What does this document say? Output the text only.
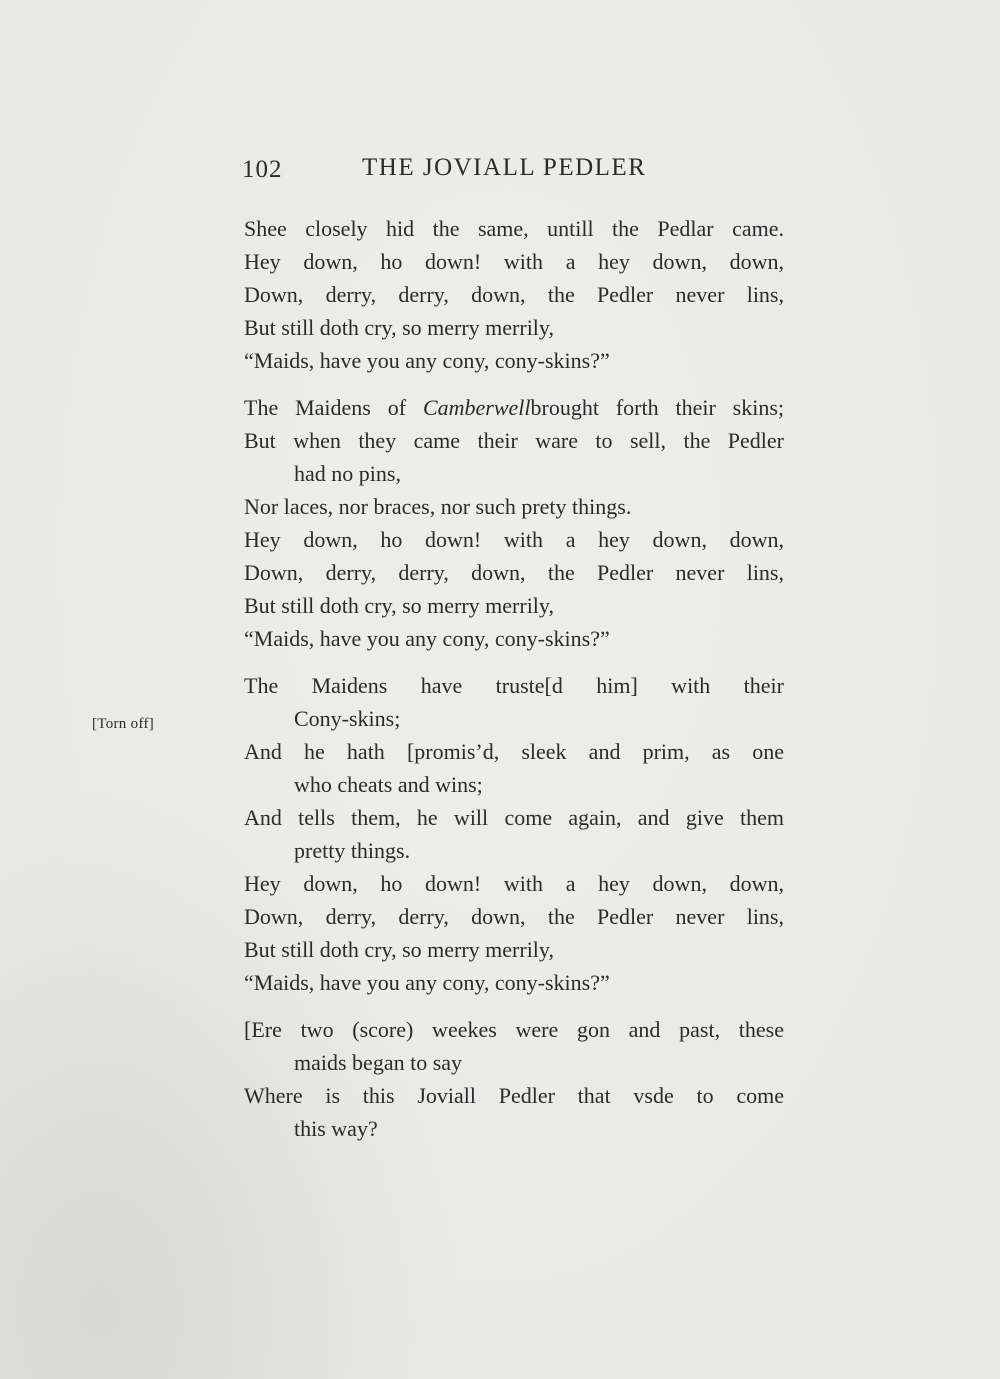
102	THE JOVIALL PEDLER
[Torn off]
Shee closely hid the same, untill the Pedlar came.
Hey down, ho down! with a hey down, down,
Down, derry, derry, down, the Pedler never lins,
But still doth cry, so merry merrily,
“Maids, have you any cony, cony-skins?”
The Maidens of Camberwellbrought forth their skins;
But when they came their ware to sell, the Pedler
had no pins,
Nor laces, nor braces, nor such prety things.
Hey down, ho down! with a hey down, down,
Down, derry, derry, down, the Pedler never lins,
But still doth cry, so merry merrily,
“Maids, have you any cony, cony-skins?”
The Maidens have truste[d him] with their
Cony-skins;
And he hath [promis’d, sleek and prim, as one
who cheats and wins;
And tells them, he will come again, and give them
pretty things.
Hey down, ho down! with a hey down, down,
Down, derry, derry, down, the Pedler never lins,
But still doth cry, so merry merrily,
“Maids, have you any cony, cony-skins?”
[Ere two (score) weekes were gon and past, these
maids began to say
Where is this Joviall Pedler that vsde to come
this way?
